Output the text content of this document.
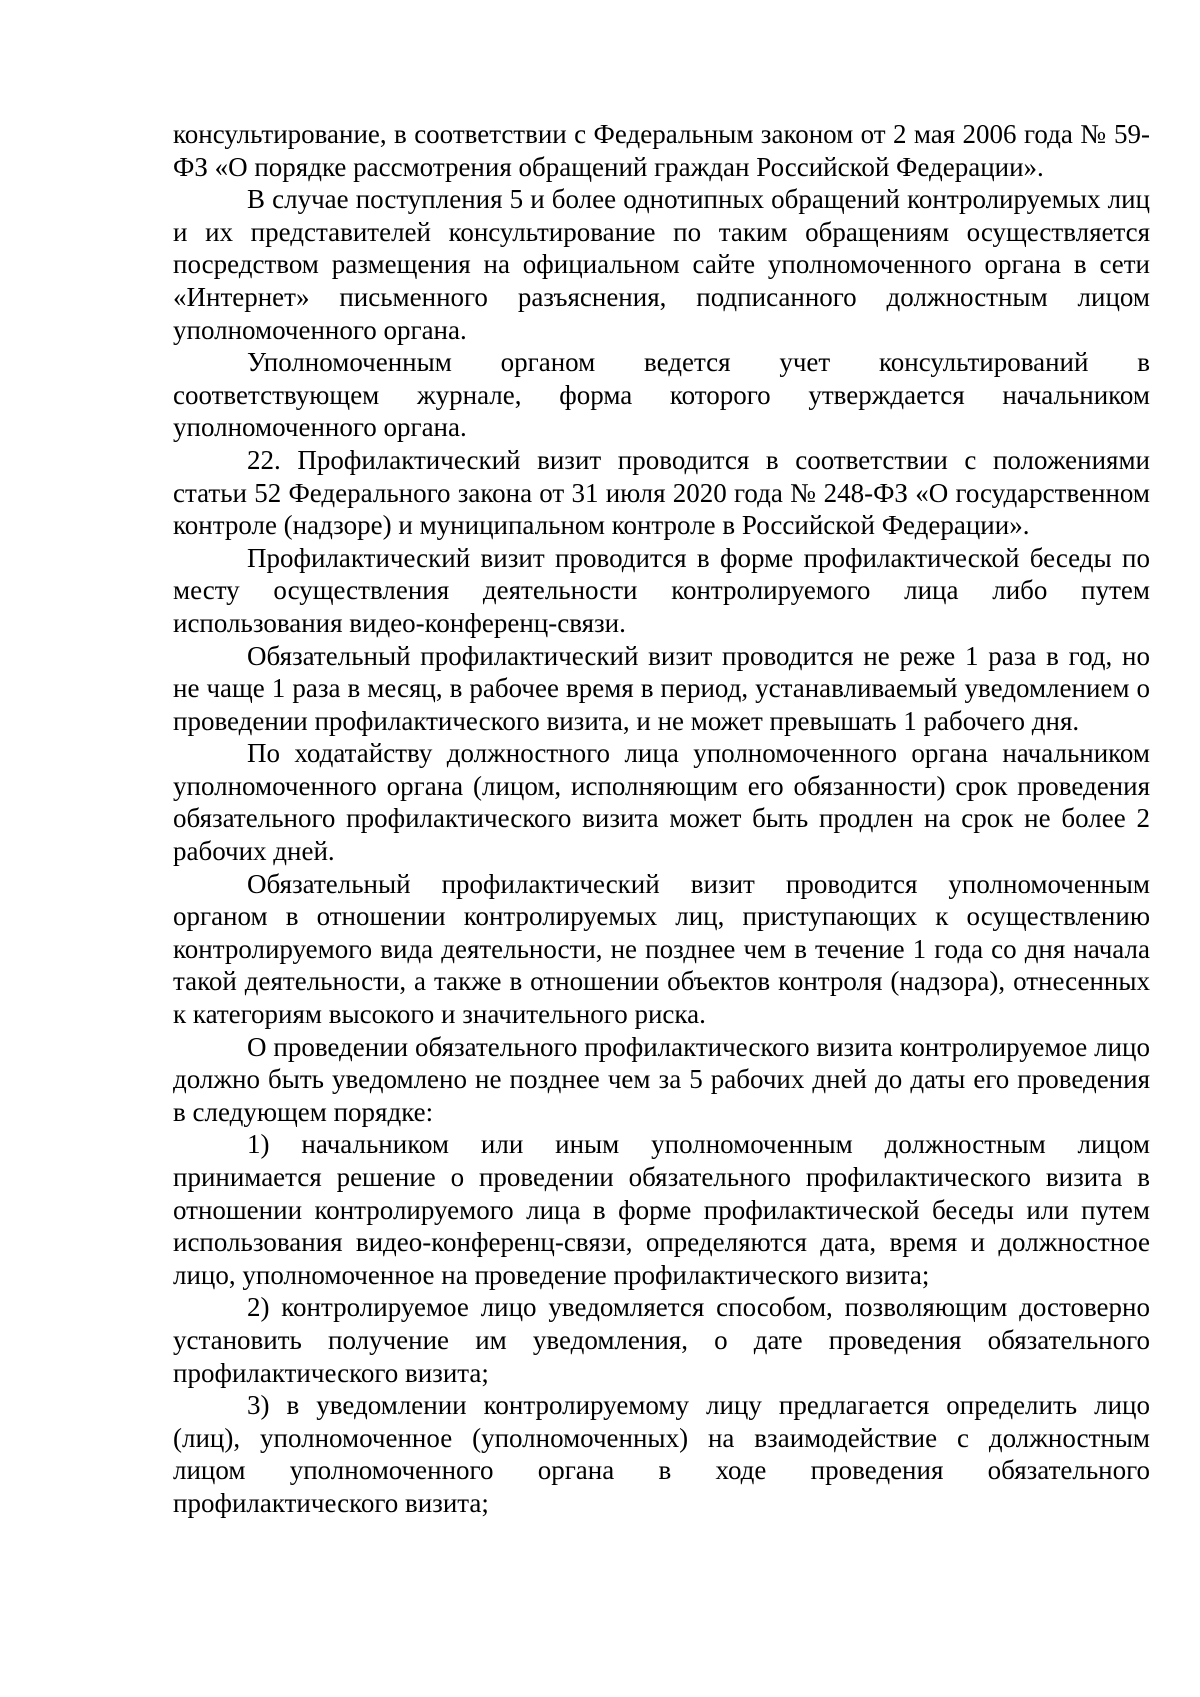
консультирование, в соответствии с Федеральным законом от 2 мая 2006 года № 59-ФЗ «О порядке рассмотрения обращений граждан Российской Федерации».

В случае поступления 5 и более однотипных обращений контролируемых лиц и их представителей консультирование по таким обращениям осуществляется посредством размещения на официальном сайте уполномоченного органа в сети «Интернет» письменного разъяснения, подписанного должностным лицом уполномоченного органа.

Уполномоченным органом ведется учет консультирований в соответствующем журнале, форма которого утверждается начальником уполномоченного органа.

22. Профилактический визит проводится в соответствии с положениями статьи 52 Федерального закона от 31 июля 2020 года № 248-ФЗ «О государственном контроле (надзоре) и муниципальном контроле в Российской Федерации».

Профилактический визит проводится в форме профилактической беседы по месту осуществления деятельности контролируемого лица либо путем использования видео-конференц-связи.

Обязательный профилактический визит проводится не реже 1 раза в год, но не чаще 1 раза в месяц, в рабочее время в период, устанавливаемый уведомлением о проведении профилактического визита, и не может превышать 1 рабочего дня.

По ходатайству должностного лица уполномоченного органа начальником уполномоченного органа (лицом, исполняющим его обязанности) срок проведения обязательного профилактического визита может быть продлен на срок не более 2 рабочих дней.

Обязательный профилактический визит проводится уполномоченным органом в отношении контролируемых лиц, приступающих к осуществлению контролируемого вида деятельности, не позднее чем в течение 1 года со дня начала такой деятельности, а также в отношении объектов контроля (надзора), отнесенных к категориям высокого и значительного риска.

О проведении обязательного профилактического визита контролируемое лицо должно быть уведомлено не позднее чем за 5 рабочих дней до даты его проведения в следующем порядке:

1) начальником или иным уполномоченным должностным лицом принимается решение о проведении обязательного профилактического визита в отношении контролируемого лица в форме профилактической беседы или путем использования видео-конференц-связи, определяются дата, время и должностное лицо, уполномоченное на проведение профилактического визита;

2) контролируемое лицо уведомляется способом, позволяющим достоверно установить получение им уведомления, о дате проведения обязательного профилактического визита;

3) в уведомлении контролируемому лицу предлагается определить лицо (лиц), уполномоченное (уполномоченных) на взаимодействие с должностным лицом уполномоченного органа в ходе проведения обязательного профилактического визита;
